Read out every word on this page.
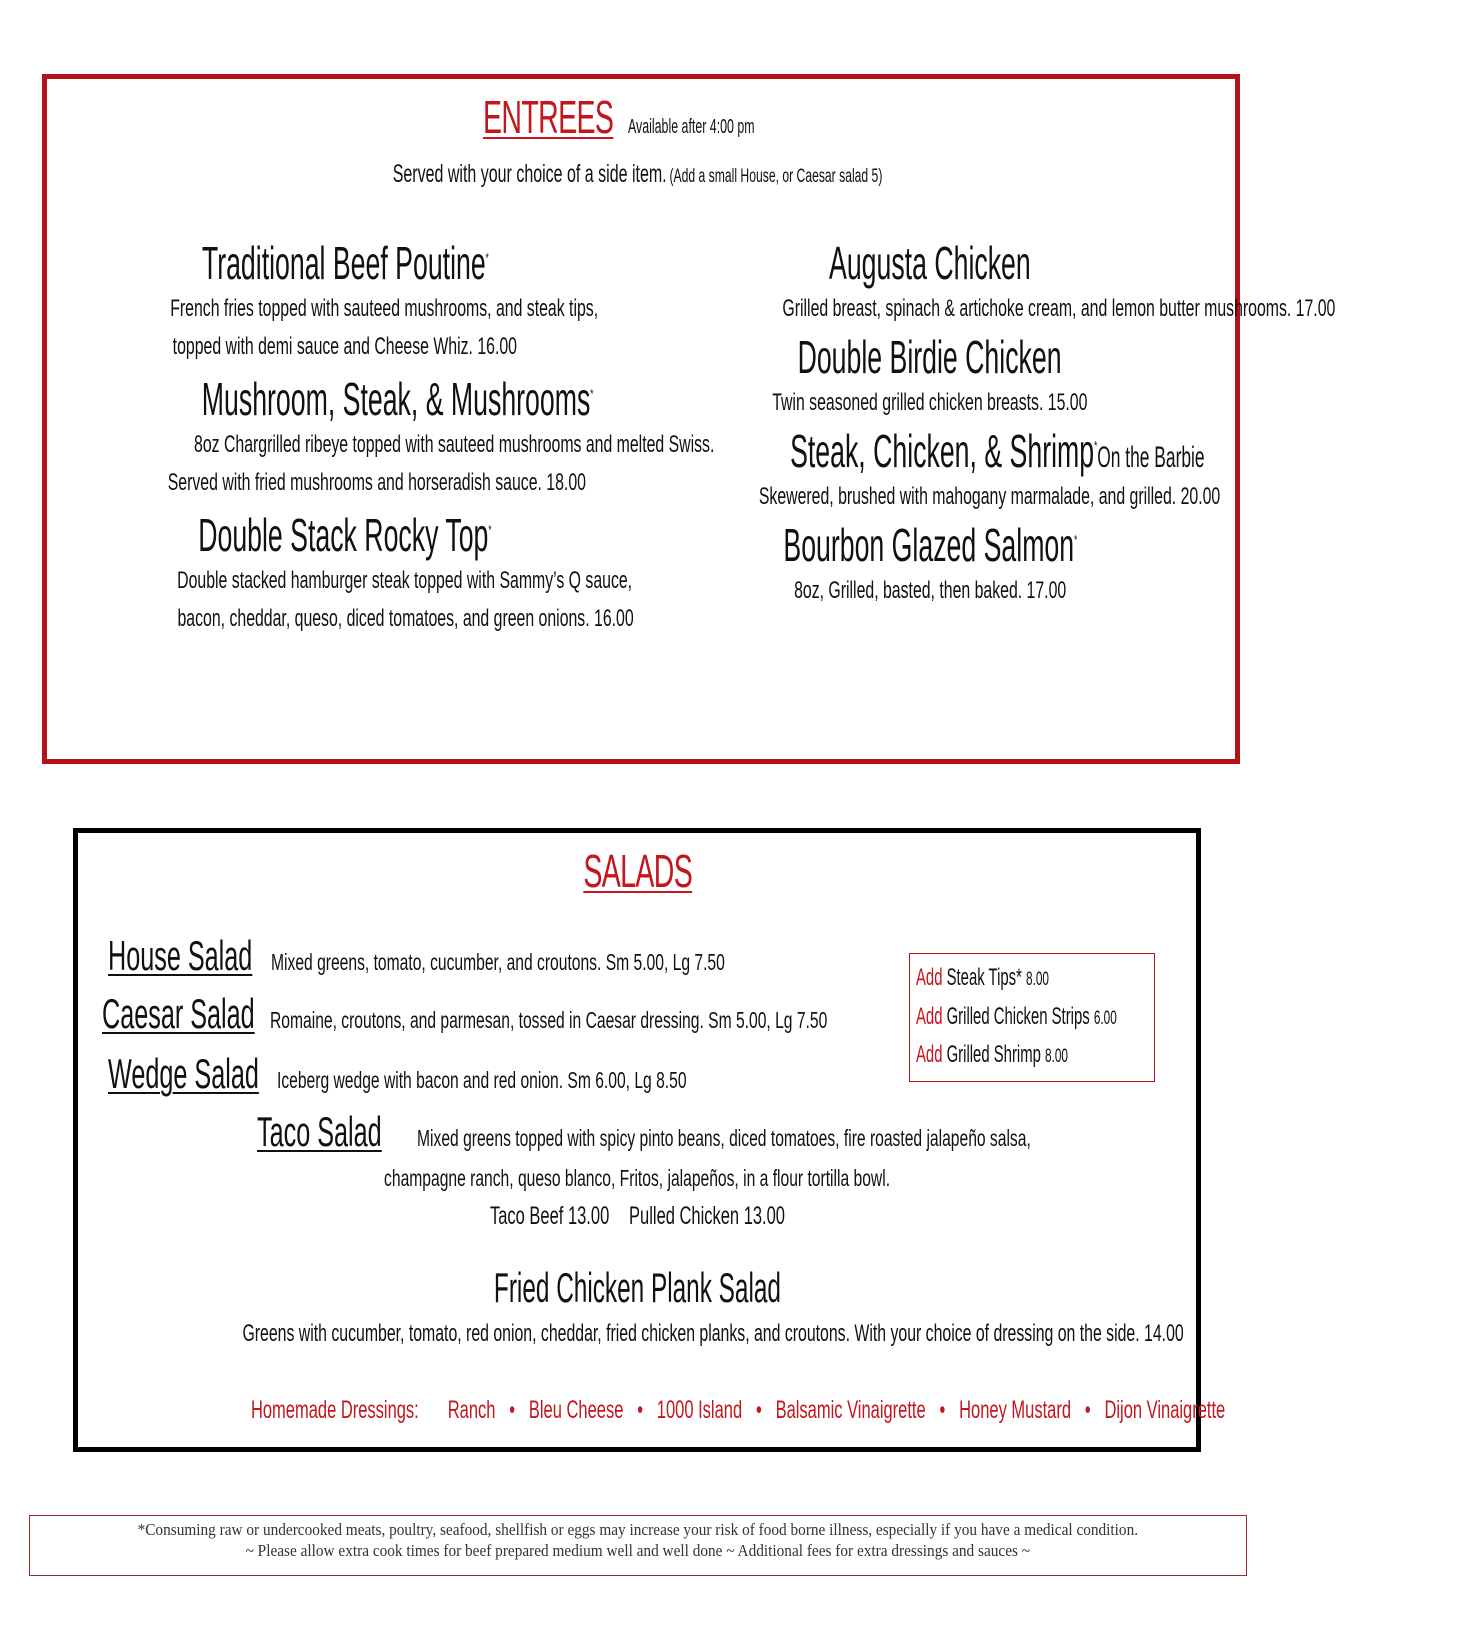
ENTREES Available after 4:00 pm
Served with your choice of a side item. (Add a small House, or Caesar salad 5)
Traditional Beef Poutine*
French fries topped with sauteed mushrooms, and steak tips,
topped with demi sauce and Cheese Whiz. 16.00
Mushroom, Steak, & Mushrooms*
8oz Chargrilled ribeye topped with sauteed mushrooms and melted Swiss.
Served with fried mushrooms and horseradish sauce. 18.00
Double Stack Rocky Top*
Double stacked hamburger steak topped with Sammy’s Q sauce,
bacon, cheddar, queso, diced tomatoes, and green onions. 16.00
Augusta Chicken
Grilled breast, spinach & artichoke cream, and lemon butter mushrooms. 17.00
Double Birdie Chicken
Twin seasoned grilled chicken breasts. 15.00
Steak, Chicken, & Shrimp*On the Barbie
Skewered, brushed with mahogany marmalade, and grilled. 20.00
Bourbon Glazed Salmon*
8oz, Grilled, basted, then baked. 17.00
SALADS
House Salad Mixed greens, tomato, cucumber, and croutons. Sm 5.00, Lg 7.50
Caesar Salad Romaine, croutons, and parmesan, tossed in Caesar dressing. Sm 5.00, Lg 7.50
Wedge Salad Iceberg wedge with bacon and red onion. Sm 6.00, Lg 8.50
Taco Salad Mixed greens topped with spicy pinto beans, diced tomatoes, fire roasted jalapeño salsa,
champagne ranch, queso blanco, Fritos, jalapeños, in a flour tortilla bowl.
Taco Beef 13.00 Pulled Chicken 13.00
Fried Chicken Plank Salad
Greens with cucumber, tomato, red onion, cheddar, fried chicken planks, and croutons. With your choice of dressing on the side. 14.00
Add Steak Tips* 8.00
Add Grilled Chicken Strips 6.00
Add Grilled Shrimp 8.00
Homemade Dressings: Ranch • Bleu Cheese • 1000 Island • Balsamic Vinaigrette • Honey Mustard • Dijon Vinaigrette
*Consuming raw or undercooked meats, poultry, seafood, shellfish or eggs may increase your risk of food borne illness, especially if you have a medical condition.
~ Please allow extra cook times for beef prepared medium well and well done ~ Additional fees for extra dressings and sauces ~
